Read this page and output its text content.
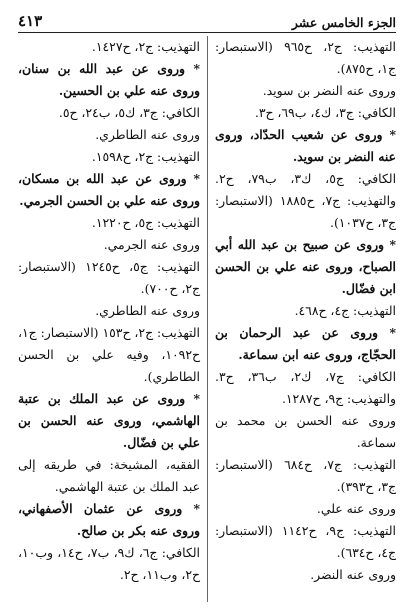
الجزء الخامس عشر
٤١٣

التهذيب: ج٢، ح٩٦٥ (الاستبصار: ج١، ح٨٧٥).

وروى عنه النضر بن سويد.

الكافي: ج٣، ك٤، ب٦٩، ح٣.

* وروى عن شعيب الحدّاد، وروى عنه النضر بن سويد.

الكافي: ج٥، ك٣، ب٧٩، ح٢. والتهذيب: ج٧، ح١٨٨٥ (الاستبصار: ج٣، ح١٠٣٧).

* وروى عن صبيح بن عبد الله أبي الصباح، وروى عنه علي بن الحسن ابن فضّال.

التهذيب: ج٤، ح٤٦٨.

* وروى عن عبد الرحمان بن الحجّاج، وروى عنه ابن سماعة.

الكافي: ج٧، ك٢، ب٣٦، ح٣. والتهذيب: ج٩، ح١٢٨٧.

وروى عنه الحسن بن محمد بن سماعة.

التهذيب: ج٧، ح٦٨٤ (الاستبصار: ج٣، ح٣٩٣).

وروى عنه علي.

التهذيب: ج٩، ح١١٤٢ (الاستبصار: ج٤، ح٦٣٤).

وروى عنه النضر.

التهذيب: ج٢، ح١٤٢٧.

* وروى عن عبد الله بن سنان، وروى عنه علي بن الحسين.

الكافي: ج٣، ك٥، ب٢٤، ح٥.

وروى عنه الطاطري.

التهذيب: ج٢، ح١٥٩٨.

* وروى عن عبد الله بن مسكان، وروى عنه علي بن الحسن الجرمي.

التهذيب: ج٥، ح١٢٢٠.

وروى عنه الجرمي.

التهذيب: ج٥، ح١٢٤٥ (الاستبصار: ج٢، ح٧٠٠).

وروى عنه الطاطري.

التهذيب: ج٢، ح١٥٣ (الاستبصار: ج١، ح١٠٩٢، وفيه علي بن الحسن الطاطري).

* وروى عن عبد الملك بن عتبة الهاشمي، وروى عنه الحسن بن علي بن فضّال.

الفقيه، المشيخة: في طريقه إلى عبد الملك بن عتبة الهاشمي.

* وروى عن عثمان الأصفهاني، وروى عنه بكر بن صالح.

الكافي: ج٦، ك٩، ب٧، ح١٤، وب١٠، ح٢، وب١١، ح٢.
